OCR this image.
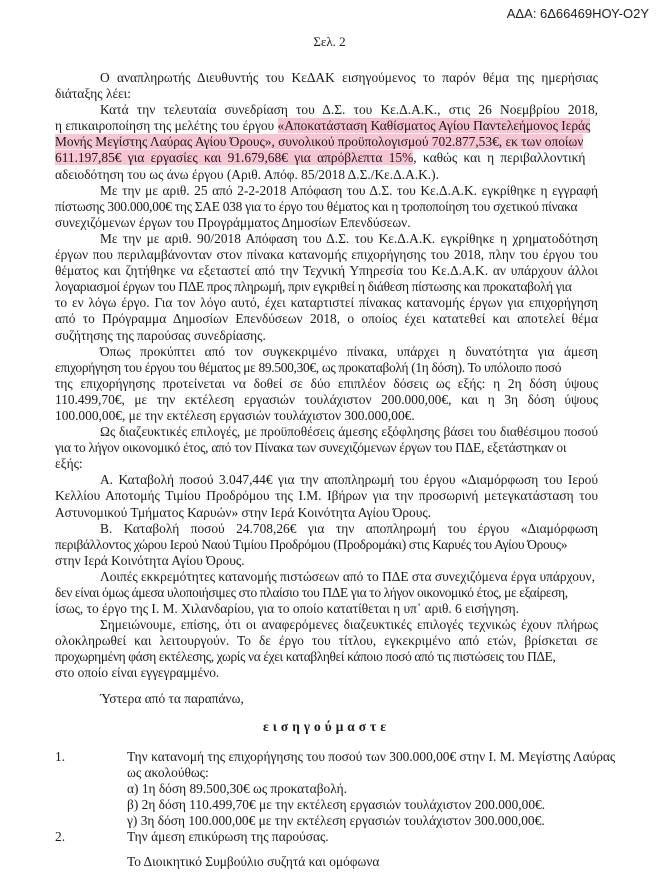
ΑΔΑ: 6Δ66469ΗΟΥ-Ο2Υ
Σελ. 2
Ο αναπληρωτής Διευθυντής του ΚεΔΑΚ εισηγούμενος το παρόν θέμα της ημερήσιας
διάταξης λέει:
Κατά την τελευταία συνεδρίαση του Δ.Σ. του Κε.Δ.Α.Κ., στις 26 Νοεμβρίου 2018,
η επικαιροποίηση της μελέτης του έργου «Αποκατάσταση Καθίσματος Αγίου Παντελεήμονος Ιεράς
Μονής Μεγίστης Λαύρας Αγίου Όρους», συνολικού προϋπολογισμού 702.877,53€, εκ των οποίων
611.197,85€ για εργασίες και 91.679,68€ για απρόβλεπτα 15%, καθώς και η περιβαλλοντική
αδειοδότηση του ως άνω έργου (Αριθ. Απόφ. 85/2018 Δ.Σ./Κε.Δ.Α.Κ.).
Με την με αριθ. 25 από 2-2-2018 Απόφαση του Δ.Σ. του Κε.Δ.Α.Κ. εγκρίθηκε η εγγραφή
πίστωσης 300.000,00€ της ΣΑΕ 038 για το έργο του θέματος και η τροποποίηση του σχετικού πίνακα
συνεχιζόμενων έργων του Προγράμματος Δημοσίων Επενδύσεων.
Με την με αριθ. 90/2018 Απόφαση του Δ.Σ. του Κε.Δ.Α.Κ. εγκρίθηκε η χρηματοδότηση
έργων που περιλαμβάνονταν στον πίνακα κατανομής επιχορήγησης του 2018, πλην του έργου του
θέματος και ζητήθηκε να εξεταστεί από την Τεχνική Υπηρεσία του Κε.Δ.Α.Κ. αν υπάρχουν άλλοι
λογαριασμοί έργων του ΠΔΕ προς πληρωμή, πριν εγκριθεί η διάθεση πίστωσης και προκαταβολή για
το εν λόγω έργο. Για τον λόγο αυτό, έχει καταρτιστεί πίνακας κατανομής έργων για επιχορήγηση
από το Πρόγραμμα Δημοσίων Επενδύσεων 2018, ο οποίος έχει κατατεθεί και αποτελεί θέμα
συζήτησης της παρούσας συνεδρίασης.
Όπως προκύπτει από τον συγκεκριμένο πίνακα, υπάρχει η δυνατότητα για άμεση
επιχορήγηση του έργου του θέματος με 89.500,30€, ως προκαταβολή (1η δόση). Το υπόλοιπο ποσό
της επιχορήγησης προτείνεται να δοθεί σε δύο επιπλέον δόσεις ως εξής: η 2η δόση ύψους
110.499,70€, με την εκτέλεση εργασιών τουλάχιστον 200.000,00€, και η 3η δόση ύψους
100.000,00€, με την εκτέλεση εργασιών τουλάχιστον 300.000,00€.
Ως διαζευκτικές επιλογές, με προϋποθέσεις άμεσης εξόφλησης βάσει του διαθέσιμου ποσού
για το λήγον οικονομικό έτος, από τον Πίνακα των συνεχιζόμενων έργων του ΠΔΕ, εξετάστηκαν οι
εξής:
Α. Καταβολή ποσού 3.047,44€ για την αποπληρωμή του έργου «Διαμόρφωση του Ιερού
Κελλίου Αποτομής Τιμίου Προδρόμου της Ι.Μ. Ιβήρων για την προσωρινή μετεγκατάσταση του
Αστυνομικού Τμήματος Καρυών» στην Ιερά Κοινότητα Αγίου Όρους.
Β. Καταβολή ποσού 24.708,26€ για την αποπληρωμή του έργου «Διαμόρφωση
περιβάλλοντος χώρου Ιερού Ναού Τιμίου Προδρόμου (Προδρομάκι) στις Καρυές του Αγίου Όρους»
στην Ιερά Κοινότητα Αγίου Όρους.
Λοιπές εκκρεμότητες κατανομής πιστώσεων από το ΠΔΕ στα συνεχιζόμενα έργα υπάρχουν,
δεν είναι όμως άμεσα υλοποιήσιμες στο πλαίσιο του ΠΔΕ για το λήγον οικονομικό έτος, με εξαίρεση,
ίσως, το έργο της Ι. Μ. Χιλανδαρίου, για το οποίο κατατίθεται η υπ᾽ αριθ. 6 εισήγηση.
Σημειώνουμε, επίσης, ότι οι αναφερόμενες διαζευκτικές επιλογές τεχνικώς έχουν πλήρως
ολοκληρωθεί και λειτουργούν. Το δε έργο του τίτλου, εγκεκριμένο από ετών, βρίσκεται σε
προχωρημένη φάση εκτέλεσης, χωρίς να έχει καταβληθεί κάποιο ποσό από τις πιστώσεις του ΠΔΕ,
στο οποίο είναι εγγεγραμμένο.
Ύστερα από τα παραπάνω,
εισηγούμαστε
1.	Την κατανομή της επιχορήγησης του ποσού των 300.000,00€ στην Ι. Μ. Μεγίστης Λαύρας
ως ακολούθως:
α) 1η δόση 89.500,30€ ως προκαταβολή.
β) 2η δόση 110.499,70€ με την εκτέλεση εργασιών τουλάχιστον 200.000,00€.
γ) 3η δόση 100.000,00€ με την εκτέλεση εργασιών τουλάχιστον 300.000,00€.
2.	Την άμεση επικύρωση της παρούσας.
Το Διοικητικό Συμβούλιο συζητά και ομόφωνα
